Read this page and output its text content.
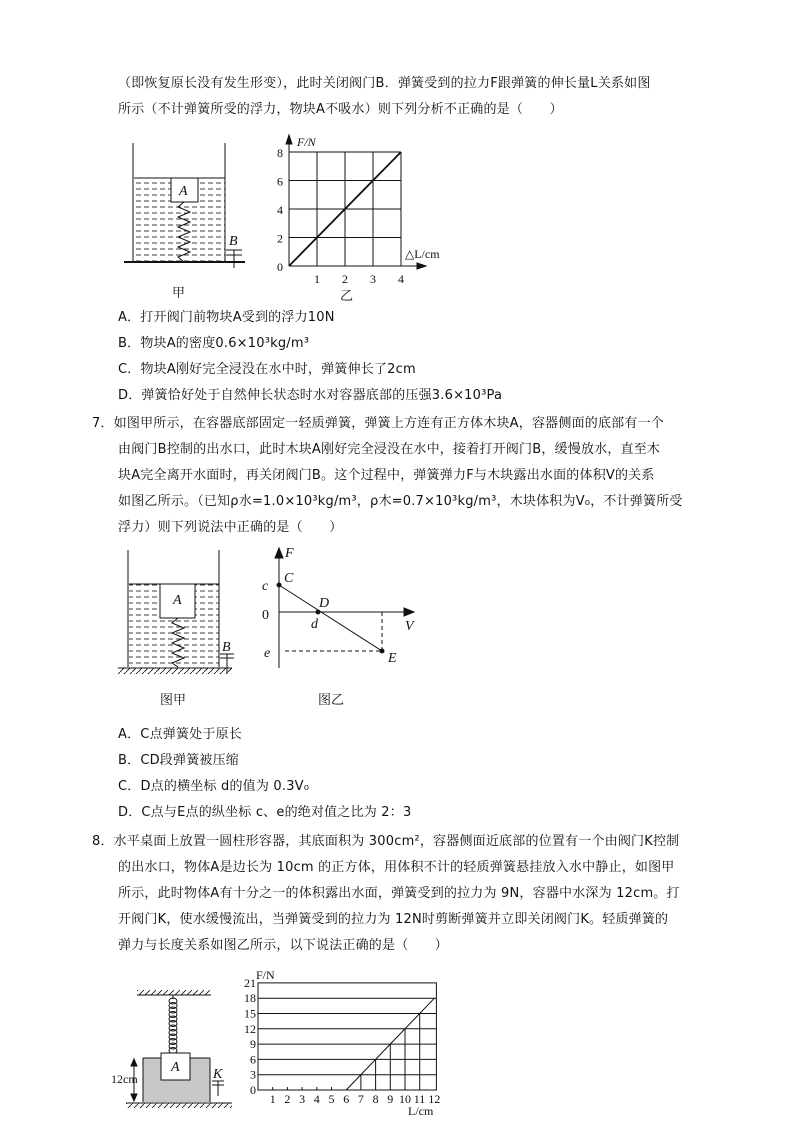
（即恢复原长没有发生形变），此时关闭阀门B．弹簧受到的拉力F跟弹簧的伸长量L关系如图
所示（不计弹簧所受的浮力，物块A不吸水）则下列分析不正确的是（　　）
A．打开阀门前物块A受到的浮力10N
B．物块A的密度0.6×10³kg/m³
C．物块A刚好完全浸没在水中时，弹簧伸长了2cm
D．弹簧恰好处于自然伸长状态时水对容器底部的压强3.6×10³Pa
7．如图甲所示，在容器底部固定一轻质弹簧，弹簧上方连有正方体木块A，容器侧面的底部有一个
由阀门B控制的出水口，此时木块A刚好完全浸没在水中，接着打开阀门B，缓慢放水，直至木
块A完全离开水面时，再关闭阀门B。这个过程中，弹簧弹力F与木块露出水面的体积V的关系
如图乙所示。（已知ρ水=1.0×10³kg/m³，ρ木=0.7×10³kg/m³，木块体积为V₀，不计弹簧所受
浮力）则下列说法中正确的是（　　）
A．C点弹簧处于原长
B．CD段弹簧被压缩
C．D点的横坐标 d的值为 0.3V₀
D．C点与E点的纵坐标 c、e的绝对值之比为 2：3
8．水平桌面上放置一圆柱形容器，其底面积为 300cm²，容器侧面近底部的位置有一个由阀门K控制
的出水口，物体A是边长为 10cm 的正方体，用体积不计的轻质弹簧悬挂放入水中静止，如图甲
所示，此时物体A有十分之一的体积露出水面，弹簧受到的拉力为 9N，容器中水深为 12cm。打
开阀门K，使水缓慢流出，当弹簧受到的拉力为 12N时剪断弹簧并立即关闭阀门K。轻质弹簧的
弹力与长度关系如图乙所示，以下说法正确的是（　　）
A
B
甲
0
2
4
6
8
1 2 3 4
F/N
△L/cm
乙
A
B
图甲
F
c
C
0
D
d	V
e	E
图乙
A
12cm	K
0
3
6
9
12
15
18
21
1 2 3 4 5 6 7 8 9 10 11 12
F/N
L/cm
